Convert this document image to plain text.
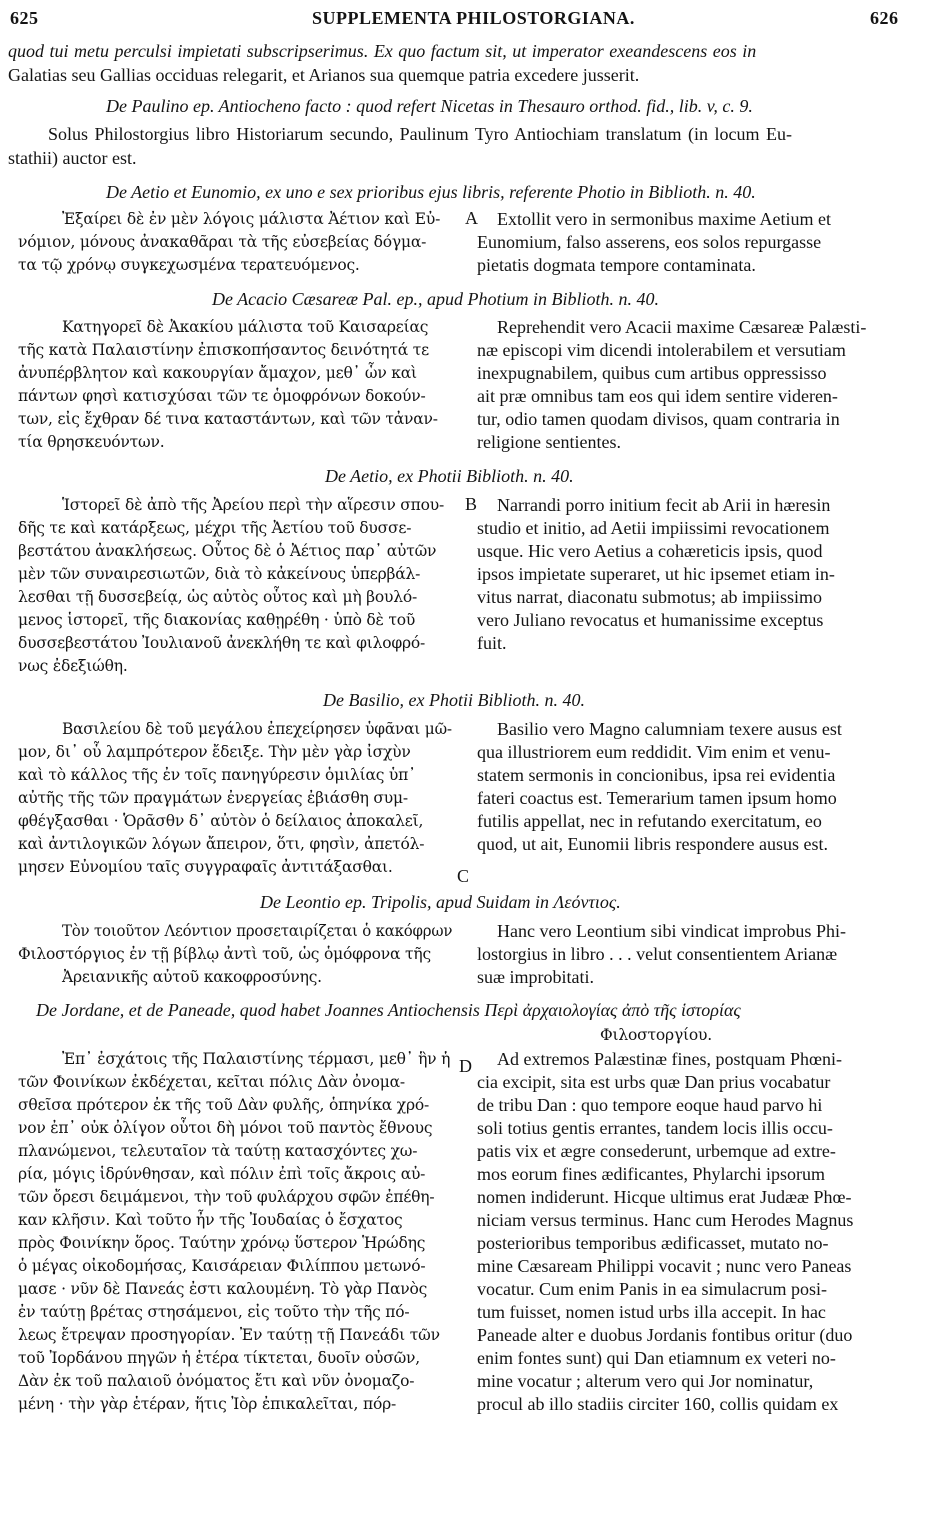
625	SUPPLEMENTA PHILOSTORGIANA.	626
quod tui metu perculsi impietati subscripserimus. Ex quo factum sit, ut imperator exeandescens eos in
Galatias seu Gallias occiduas relegarit, et Arianos sua quemque patria excedere jusserit.
De Paulino ep. Antiocheno facto : quod refert Nicetas in Thesauro orthod. fid., lib. v, c. 9.
Solus Philostorgius libro Historiarum secundo, Paulinum Tyro Antiochiam translatum (in locum Eu-
stathii) auctor est.
De Aetio et Eunomio, ex uno e sex prioribus ejus libris, referente Photio in Biblioth. n. 40.
A
Ἐξαίρει δὲ ἐν μὲν λόγοις μάλιστα Ἀέτιον καὶ Εὐ-
νόμιον, μόνους ἀνακαθᾶραι τὰ τῆς εὐσεβείας δόγμα-
τα τῷ χρόνῳ συγκεχωσμένα τερατευόμενος.
Extollit vero in sermonibus maxime Aetium et
Eunomium, falso asserens, eos solos repurgasse
pietatis dogmata tempore contaminata.
De Acacio Cæsareæ Pal. ep., apud Photium in Biblioth. n. 40.
Κατηγορεῖ δὲ Ἀκακίου μάλιστα τοῦ Καισαρείας
τῆς κατὰ Παλαιστίνην ἐπισκοπήσαντος δεινότητά τε
ἀνυπέρβλητον καὶ κακουργίαν ἄμαχον, μεθ᾽ ὧν καὶ
πάντων φησὶ κατισχύσαι τῶν τε ὁμοφρόνων δοκούν-
των, εἰς ἔχθραν δέ τινα καταστάντων, καὶ τῶν τἀναν-
τία θρησκευόντων.
Reprehendit vero Acacii maxime Cæsareæ Palæsti-
næ episcopi vim dicendi intolerabilem et versutiam
inexpugnabilem, quibus cum artibus oppressisso
ait præ omnibus tam eos qui idem sentire videren-
tur, odio tamen quodam divisos, quam contraria in
religione sentientes.
De Aetio, ex Photii Biblioth. n. 40.
B
Ἱστορεῖ δὲ ἀπὸ τῆς Ἀρείου περὶ τὴν αἵρεσιν σπου-
δῆς τε καὶ κατάρξεως, μέχρι τῆς Ἀετίου τοῦ δυσσε-
βεστάτου ἀνακλήσεως. Οὗτος δὲ ὁ Ἀέτιος παρ᾽ αὐτῶν
μὲν τῶν συναιρεσιωτῶν, διὰ τὸ κἀκείνους ὑπερβάλ-
λεσθαι τῇ δυσσεβείᾳ, ὡς αὐτὸς οὗτος καὶ μὴ βουλό-
μενος ἱστορεῖ, τῆς διακονίας καθῃρέθη · ὑπὸ δὲ τοῦ
δυσσεβεστάτου Ἰουλιανοῦ ἀνεκλήθη τε καὶ φιλοφρό-
νως ἐδεξιώθη.
Narrandi porro initium fecit ab Arii in hæresin
studio et initio, ad Aetii impiissimi revocationem
usque. Hic vero Aetius a cohæreticis ipsis, quod
ipsos impietate superaret, ut hic ipsemet etiam in-
vitus narrat, diaconatu submotus; ab impiissimo
vero Juliano revocatus et humanissime exceptus
fuit.
De Basilio, ex Photii Biblioth. n. 40.
C
Βασιλείου δὲ τοῦ μεγάλου ἐπεχείρησεν ὑφᾶναι μῶ-
μον, δι᾽ οὗ λαμπρότερον ἔδειξε. Τὴν μὲν γὰρ ἰσχὺν
καὶ τὸ κάλλος τῆς ἐν τοῖς πανηγύρεσιν ὁμιλίας ὑπ᾽
αὐτῆς τῆς τῶν πραγμάτων ἐνεργείας ἐβιάσθη συμ-
φθέγξασθαι · Ὁρᾶσθν δ᾽ αὐτὸν ὁ δείλαιος ἀποκαλεῖ,
καὶ ἀντιλογικῶν λόγων ἄπειρον, ὅτι, φησὶν, ἀπετόλ-
μησεν Εὐνομίου ταῖς συγγραφαῖς ἀντιτάξασθαι.
Basilio vero Magno calumniam texere ausus est
qua illustriorem eum reddidit. Vim enim et venu-
statem sermonis in concionibus, ipsa rei evidentia
fateri coactus est. Temerarium tamen ipsum homo
futilis appellat, nec in refutando exercitatum, eo
quod, ut ait, Eunomii libris respondere ausus est.
De Leontio ep. Tripolis, apud Suidam in Λεόντιος.
Τὸν τοιοῦτον Λεόντιον προσεταιρίζεται ὁ κακόφρων
Φιλοστόργιος ἐν τῇ βίβλῳ ἀντὶ τοῦ, ὡς ὁμόφρονα τῆς
Ἀρειανικῆς αὐτοῦ κακοφροσύνης.
Hanc vero Leontium sibi vindicat improbus Phi-
lostorgius in libro . . . velut consentientem Arianæ
suæ improbitati.
De Jordane, et de Paneade, quod habet Joannes Antiochensis Περὶ ἀρχαιολογίας ἀπὸ τῆς ἱστορίας
Φιλοστοργίου.
D
Ἐπ᾽ ἐσχάτοις τῆς Παλαιστίνης τέρμασι, μεθ᾽ ἣν ἡ
τῶν Φοινίκων ἐκδέχεται, κεῖται πόλις Δὰν ὀνομα-
σθεῖσα πρότερον ἐκ τῆς τοῦ Δὰν φυλῆς, ὁπηνίκα χρό-
νον ἐπ᾽ οὐκ ὀλίγον οὗτοι δὴ μόνοι τοῦ παντὸς ἔθνους
πλανώμενοι, τελευταῖον τὰ ταύτῃ κατασχόντες χω-
ρία, μόγις ἱδρύνθησαν, καὶ πόλιν ἐπὶ τοῖς ἄκροις αὐ-
τῶν ὄρεσι δειμάμενοι, τὴν τοῦ φυλάρχου σφῶν ἐπέθη-
καν κλῆσιν. Καὶ τοῦτο ἦν τῆς Ἰουδαίας ὁ ἔσχατος
πρὸς Φοινίκην ὅρος. Ταύτην χρόνῳ ὕστερον Ἡρώδης
ὁ μέγας οἰκοδομήσας, Καισάρειαν Φιλίππου μετωνό-
μασε · νῦν δὲ Πανεάς ἐστι καλουμένη. Τὸ γὰρ Πανὸς
ἐν ταύτῃ βρέτας στησάμενοι, εἰς τοῦτο τὴν τῆς πό-
λεως ἔτρεψαν προσηγορίαν. Ἐν ταύτῃ τῇ Πανεάδι τῶν
τοῦ Ἰορδάνου πηγῶν ἡ ἑτέρα τίκτεται, δυοῖν οὐσῶν,
Δὰν ἐκ τοῦ παλαιοῦ ὀνόματος ἔτι καὶ νῦν ὀνομαζο-
μένη · τὴν γὰρ ἑτέραν, ἥτις Ἰὸρ ἐπικαλεῖται, πόρ-
Ad extremos Palæstinæ fines, postquam Phœni-
cia excipit, sita est urbs quæ Dan prius vocabatur
de tribu Dan : quo tempore eoque haud parvo hi
soli totius gentis errantes, tandem locis illis occu-
patis vix et ægre consederunt, urbemque ad extre-
mos eorum fines ædificantes, Phylarchi ipsorum
nomen indiderunt. Hicque ultimus erat Judææ Phœ-
niciam versus terminus. Hanc cum Herodes Magnus
posterioribus temporibus ædificasset, mutato no-
mine Cæsaream Philippi vocavit ; nunc vero Paneas
vocatur. Cum enim Panis in ea simulacrum posi-
tum fuisset, nomen istud urbs illa accepit. In hac
Paneade alter e duobus Jordanis fontibus oritur (duo
enim fontes sunt) qui Dan etiamnum ex veteri no-
mine vocatur ; alterum vero qui Jor nominatur,
procul ab illo stadiis circiter 160, collis quidam ex
